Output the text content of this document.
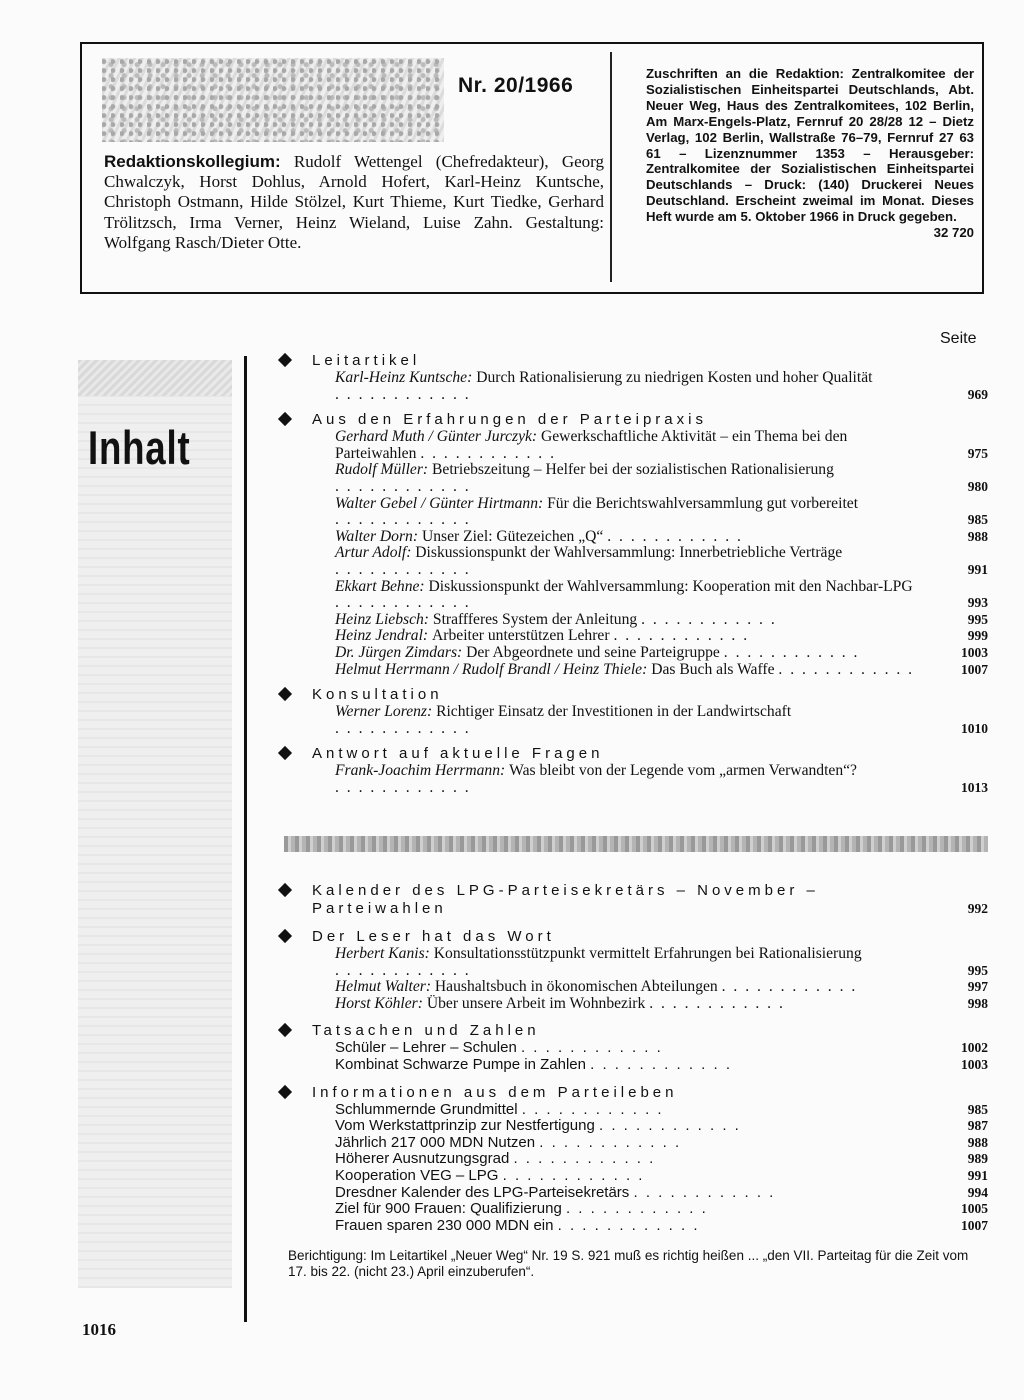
Nr. 20/1966
Redaktionskollegium: Rudolf Wettengel (Chefredakteur), Georg Chwalczyk, Horst Dohlus, Arnold Hofert, Karl-Heinz Kuntsche, Christoph Ostmann, Hilde Stölzel, Kurt Thieme, Kurt Tiedke, Gerhard Trölitzsch, Irma Verner, Heinz Wieland, Luise Zahn. Gestaltung: Wolfgang Rasch/Dieter Otte.
Zuschriften an die Redaktion: Zentralkomitee der Sozialistischen Einheitspartei Deutschlands, Abt. Neuer Weg, Haus des Zentralkomitees, 102 Berlin, Am Marx-Engels-Platz, Fernruf 20 28/28 12 – Dietz Verlag, 102 Berlin, Wallstraße 76–79, Fernruf 27 63 61 – Lizenznummer 1353 – Herausgeber: Zentralkomitee der Sozialistischen Einheitspartei Deutschlands – Druck: (140) Druckerei Neues Deutschland. Erscheint zweimal im Monat. Dieses Heft wurde am 5. Oktober 1966 in Druck gegeben.
32 720
Inhalt
Seite
Leitartikel
Karl-Heinz Kuntsche: Durch Rationalisierung zu niedrigen Kosten und hoher Qualität . . . . . . . . . . . .	969
Aus den Erfahrungen der Parteipraxis
Gerhard Muth / Günter Jurczyk: Gewerkschaftliche Aktivität – ein Thema bei den Parteiwahlen . . . . . . . . . . . .	975
Rudolf Müller: Betriebszeitung – Helfer bei der sozialistischen Rationalisierung . . . . . . . . . . . .	980
Walter Gebel / Günter Hirtmann: Für die Berichtswahlversammlung gut vorbereitet . . . . . . . . . . . .	985
Walter Dorn: Unser Ziel: Gütezeichen „Q“ . . . . . . . . . . . .	988
Artur Adolf: Diskussionspunkt der Wahlversammlung: Innerbetriebliche Verträge . . . . . . . . . . . .	991
Ekkart Behne: Diskussionspunkt der Wahlversammlung: Kooperation mit den Nachbar-LPG . . . . . . . . . . . .	993
Heinz Liebsch: Straffferes System der Anleitung . . . . . . . . . . . .	995
Heinz Jendral: Arbeiter unterstützen Lehrer . . . . . . . . . . . .	999
Dr. Jürgen Zimdars: Der Abgeordnete und seine Parteigruppe . . . . . . . . . . . .	1003
Helmut Herrmann / Rudolf Brandl / Heinz Thiele: Das Buch als Waffe . . . . . . . . . . . .	1007
Konsultation
Werner Lorenz: Richtiger Einsatz der Investitionen in der Landwirtschaft . . . . . . . . . . . .	1010
Antwort auf aktuelle Fragen
Frank-Joachim Herrmann: Was bleibt von der Legende vom „armen Verwandten“? . . . . . . . . . . . .	1013
Kalender des LPG-Parteisekretärs – November – Parteiwahlen	992
Der Leser hat das Wort
Herbert Kanis: Konsultationsstützpunkt vermittelt Erfahrungen bei Rationalisierung . . . . . . . . . . . .	995
Helmut Walter: Haushaltsbuch in ökonomischen Abteilungen . . . . . . . . . . . .	997
Horst Köhler: Über unsere Arbeit im Wohnbezirk . . . . . . . . . . . .	998
Tatsachen und Zahlen
Schüler – Lehrer – Schulen . . . . . . . . . . . .	1002
Kombinat Schwarze Pumpe in Zahlen . . . . . . . . . . . .	1003
Informationen aus dem Parteileben
Schlummernde Grundmittel . . . . . . . . . . . .	985
Vom Werkstattprinzip zur Nestfertigung . . . . . . . . . . . .	987
Jährlich 217 000 MDN Nutzen . . . . . . . . . . . .	988
Höherer Ausnutzungsgrad . . . . . . . . . . . .	989
Kooperation VEG – LPG . . . . . . . . . . . .	991
Dresdner Kalender des LPG-Parteisekretärs . . . . . . . . . . . .	994
Ziel für 900 Frauen: Qualifizierung . . . . . . . . . . . .	1005
Frauen sparen 230 000 MDN ein . . . . . . . . . . . .	1007
Berichtigung: Im Leitartikel „Neuer Weg“ Nr. 19 S. 921 muß es richtig heißen ... „den VII. Parteitag für die Zeit vom 17. bis 22. (nicht 23.) April einzuberufen“.
1016
